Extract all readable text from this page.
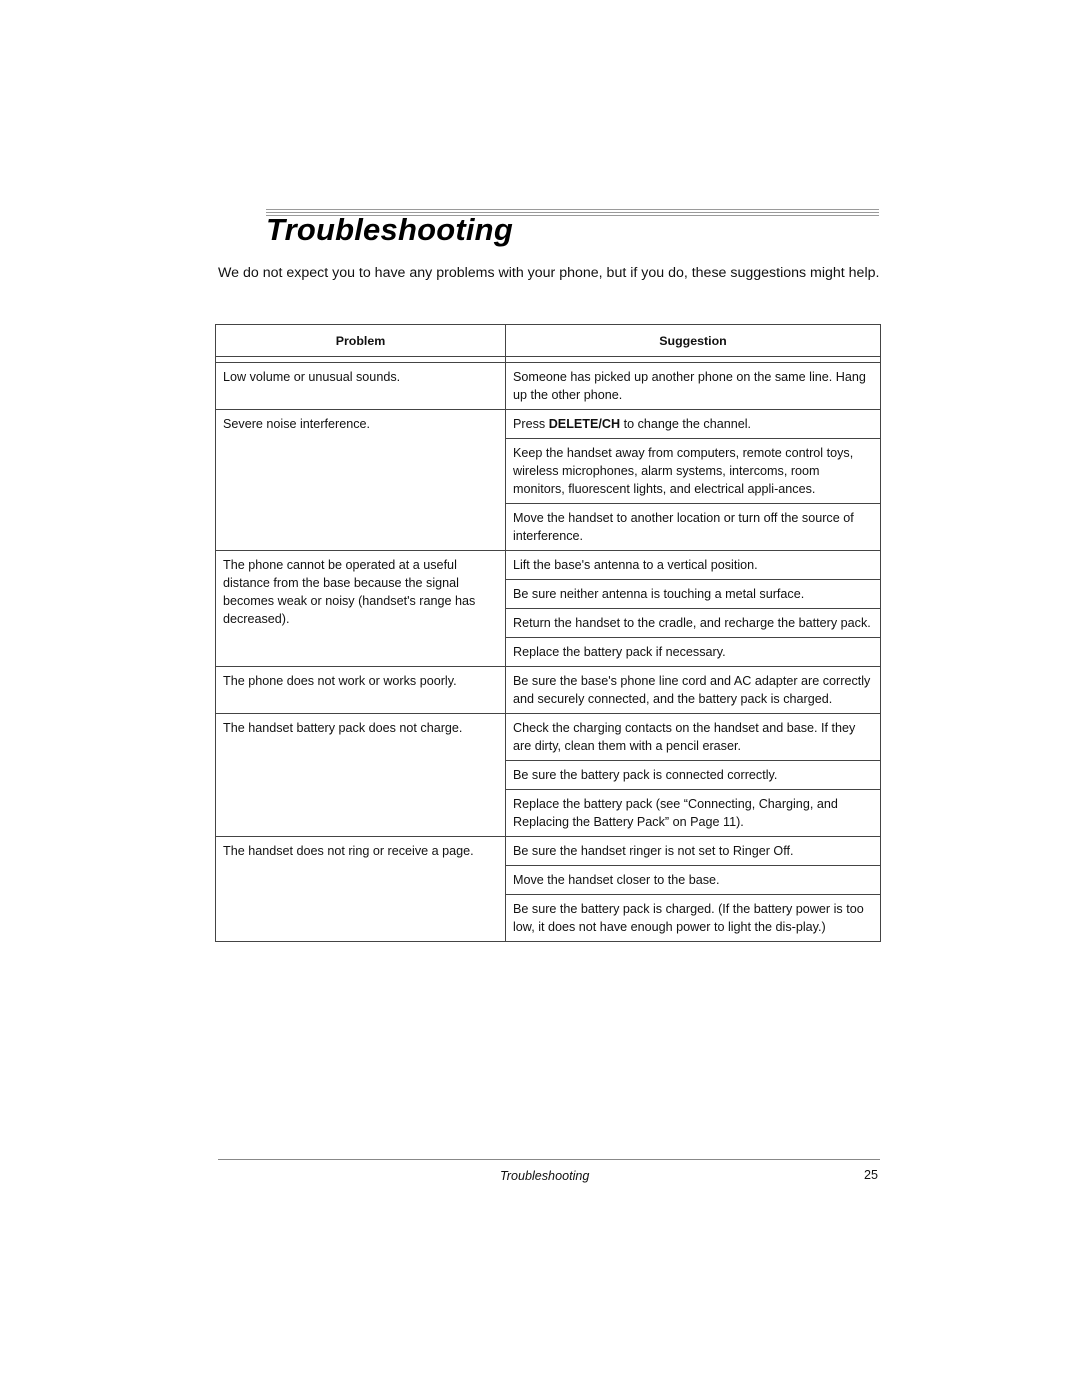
Troubleshooting
We do not expect you to have any problems with your phone, but if you do, these suggestions might help.
Problem	Suggestion

Low volume or unusual sounds.	Someone has picked up another phone on the same line. Hang up the other phone.
Severe noise interference.	Press DELETE/CH to change the channel.
	Keep the handset away from computers, remote control toys, wireless microphones, alarm systems, intercoms, room monitors, fluorescent lights, and electrical appli-ances.
	Move the handset to another location or turn off the source of interference.
The phone cannot be operated at a useful distance from the base because the signal becomes weak or noisy (handset's range has decreased).	Lift the base's antenna to a vertical position.
	Be sure neither antenna is touching a metal surface.
	Return the handset to the cradle, and recharge the battery pack.
	Replace the battery pack if necessary.
The phone does not work or works poorly.	Be sure the base's phone line cord and AC adapter are correctly and securely connected, and the battery pack is charged.
The handset battery pack does not charge.	Check the charging contacts on the handset and base. If they are dirty, clean them with a pencil eraser.
	Be sure the battery pack is connected correctly.
	Replace the battery pack (see “Connecting, Charging, and Replacing the Battery Pack” on Page 11).
The handset does not ring or receive a page.	Be sure the handset ringer is not set to Ringer Off.
	Move the handset closer to the base.
	Be sure the battery pack is charged. (If the battery power is too low, it does not have enough power to light the dis-play.)
Troubleshooting	25
